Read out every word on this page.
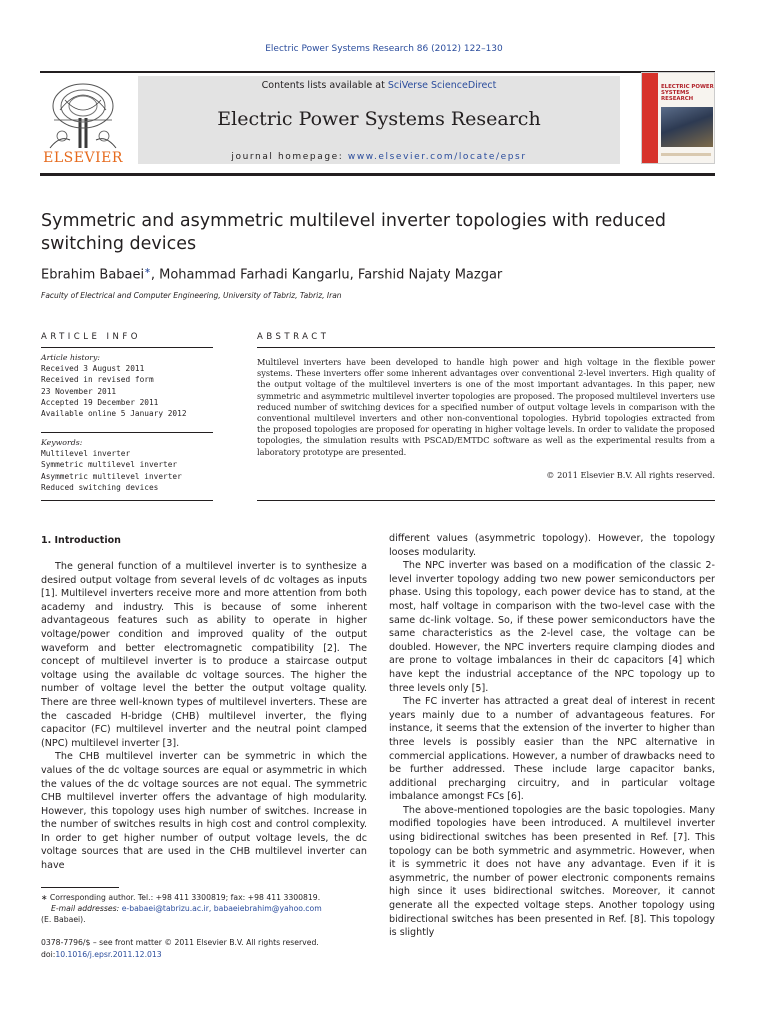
Electric Power Systems Research 86 (2012) 122–130
ELSEVIER
Contents lists available at SciVerse ScienceDirect
Electric Power Systems Research
journal homepage: www.elsevier.com/locate/epsr
ELECTRIC POWER SYSTEMS RESEARCH
Symmetric and asymmetric multilevel inverter topologies with reduced switching devices
Ebrahim Babaei∗, Mohammad Farhadi Kangarlu, Farshid Najaty Mazgar
Faculty of Electrical and Computer Engineering, University of Tabriz, Tabriz, Iran
ARTICLE INFO
Article history:
Received 3 August 2011
Received in revised form
23 November 2011
Accepted 19 December 2011
Available online 5 January 2012
Keywords:
Multilevel inverter
Symmetric multilevel inverter
Asymmetric multilevel inverter
Reduced switching devices
ABSTRACT
Multilevel inverters have been developed to handle high power and high voltage in the flexible power systems. These inverters offer some inherent advantages over conventional 2-level inverters. High quality of the output voltage of the multilevel inverters is one of the most important advantages. In this paper, new symmetric and asymmetric multilevel inverter topologies are proposed. The proposed multilevel inverters use reduced number of switching devices for a specified number of output voltage levels in comparison with the conventional multilevel inverters and other non-conventional topologies. Hybrid topologies extracted from the proposed topologies are proposed for operating in higher voltage levels. In order to validate the proposed topologies, the simulation results with PSCAD/EMTDC software as well as the experimental results from a laboratory prototype are presented.
© 2011 Elsevier B.V. All rights reserved.
1. Introduction

The general function of a multilevel inverter is to synthesize a desired output voltage from several levels of dc voltages as inputs [1]. Multilevel inverters receive more and more attention from both academy and industry. This is because of some inherent advantageous features such as ability to operate in higher voltage/power condition and improved quality of the output waveform and better electromagnetic compatibility [2]. The concept of multilevel inverter is to produce a staircase output voltage using the available dc voltage sources. The higher the number of voltage level the better the output voltage quality. There are three well-known types of multilevel inverters. These are the cascaded H-bridge (CHB) multilevel inverter, the flying capacitor (FC) multilevel inverter and the neutral point clamped (NPC) multilevel inverter [3].

The CHB multilevel inverter can be symmetric in which the values of the dc voltage sources are equal or asymmetric in which the values of the dc voltage sources are not equal. The symmetric CHB multilevel inverter offers the advantage of high modularity. However, this topology uses high number of switches. Increase in the number of switches results in high cost and control complexity. In order to get higher number of output voltage levels, the dc voltage sources that are used in the CHB multilevel inverter can have

different values (asymmetric topology). However, the topology looses modularity.

The NPC inverter was based on a modification of the classic 2-level inverter topology adding two new power semiconductors per phase. Using this topology, each power device has to stand, at the most, half voltage in comparison with the two-level case with the same dc-link voltage. So, if these power semiconductors have the same characteristics as the 2-level case, the voltage can be doubled. However, the NPC inverters require clamping diodes and are prone to voltage imbalances in their dc capacitors [4] which have kept the industrial acceptance of the NPC topology up to three levels only [5].

The FC inverter has attracted a great deal of interest in recent years mainly due to a number of advantageous features. For instance, it seems that the extension of the inverter to higher than three levels is possibly easier than the NPC alternative in commercial applications. However, a number of drawbacks need to be further addressed. These include large capacitor banks, additional precharging circuitry, and in particular voltage imbalance amongst FCs [6].

The above-mentioned topologies are the basic topologies. Many modified topologies have been introduced. A multilevel inverter using bidirectional switches has been presented in Ref. [7]. This topology can be both symmetric and asymmetric. However, when it is symmetric it does not have any advantage. Even if it is asymmetric, the number of power electronic components remains high since it uses bidirectional switches. Moreover, it cannot generate all the expected voltage steps. Another topology using bidirectional switches has been presented in Ref. [8]. This topology is slightly

∗ Corresponding author. Tel.: +98 411 3300819; fax: +98 411 3300819.
E-mail addresses: e-babaei@tabrizu.ac.ir, babaeiebrahim@yahoo.com
(E. Babaei).
0378-7796/$ – see front matter © 2011 Elsevier B.V. All rights reserved.
doi:10.1016/j.epsr.2011.12.013
